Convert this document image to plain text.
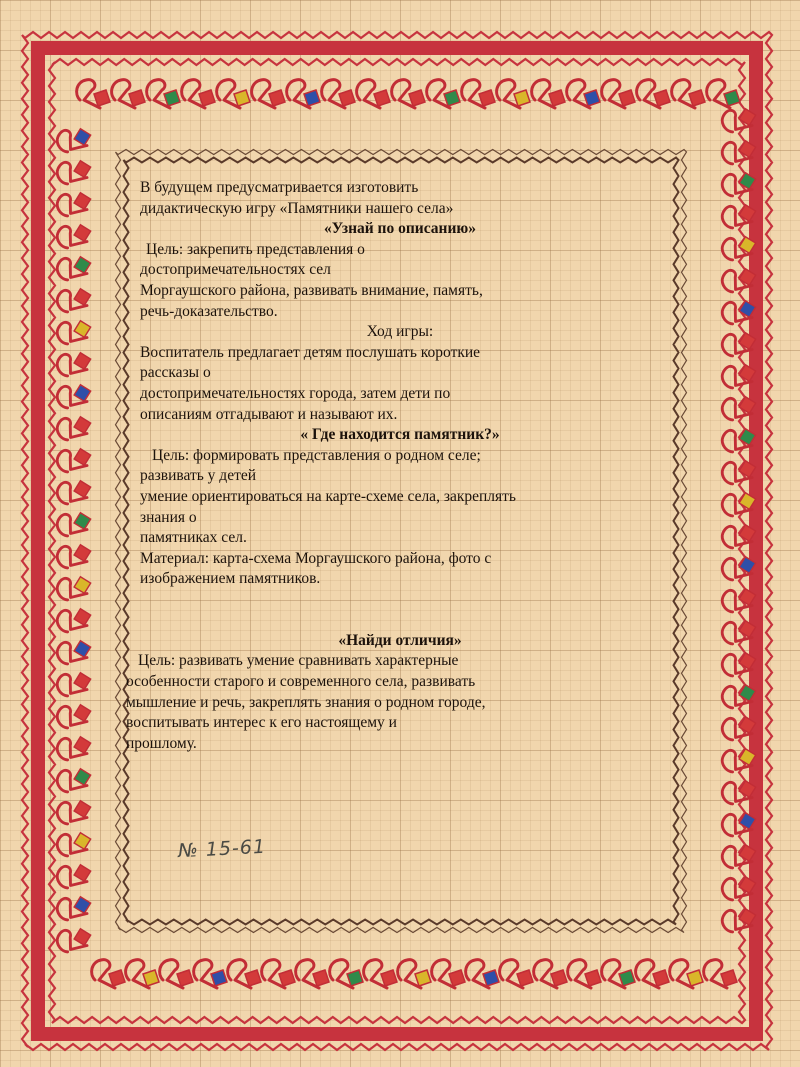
В будущем предусматривается изготовить

дидактическую игру «Памятники нашего села»

«Узнай по описанию»

Цель: закрепить представления о

достопримечательностях сел

Моргаушского района, развивать внимание, память,

речь-доказательство.

Ход игры:

Воспитатель предлагает детям послушать короткие

рассказы о

достопримечательностях города, затем дети по

описаниям отгадывают и называют их.

« Где находится памятник?»

Цель: формировать представления о родном селе;

развивать у детей

умение ориентироваться на карте-схеме села, закреплять

знания о

памятниках сел.

Материал: карта-схема Моргаушского района, фото с

изображением памятников.

«Найди отличия»

Цель: развивать умение сравнивать характерные

особенности старого и современного села, развивать

мышление и речь, закреплять знания о родном городе,

воспитывать интерес к его настоящему и

прошлому.

№ 15-61
